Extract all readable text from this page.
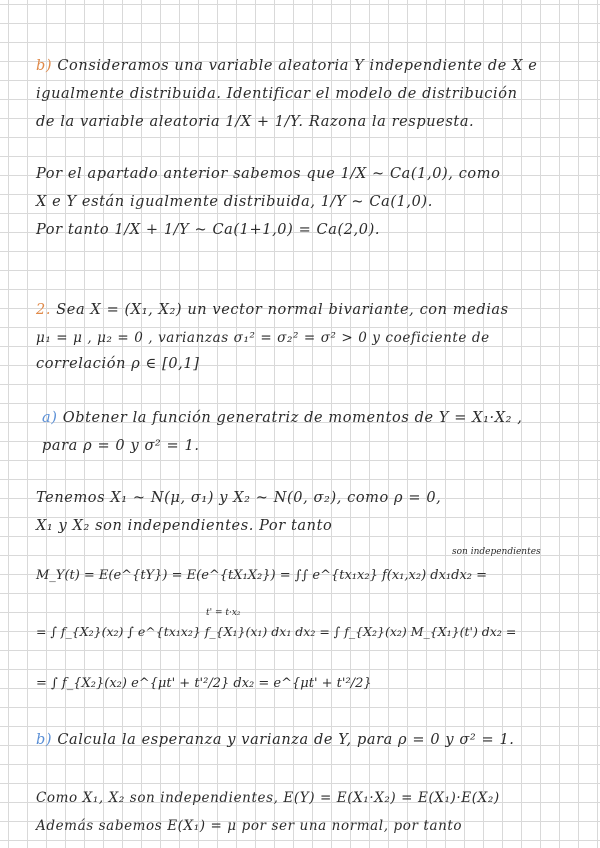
b) Consideramos una variable aleatoria Y independiente de X e
igualmente distribuida. Identificar el modelo de distribución
de la variable aleatoria 1/X + 1/Y. Razona la respuesta.
Por el apartado anterior sabemos que 1/X ~ Ca(1,0), como
X e Y están igualmente distribuida, 1/Y ~ Ca(1,0).
Por tanto 1/X + 1/Y ~ Ca(1+1,0) = Ca(2,0).
2. Sea X = (X₁, X₂) un vector normal bivariante, con medias
μ₁ = μ , μ₂ = 0 , varianzas σ₁² = σ₂² = σ² > 0 y coeficiente de
correlación ρ ∈ [0,1]
a) Obtener la función generatriz de momentos de Y = X₁·X₂ ,
para ρ = 0 y σ² = 1.
Tenemos X₁ ~ N(μ, σ₁) y X₂ ~ N(0, σ₂), como ρ = 0,
X₁ y X₂ son independientes. Por tanto
son independientes
M_Y(t) = E(e^{tY}) = E(e^{tX₁X₂}) = ∫∫ e^{tx₁x₂} f(x₁,x₂) dx₁dx₂ =
t' = t·x₂
= ∫ f_{X₂}(x₂) ∫ e^{tx₁x₂} f_{X₁}(x₁) dx₁ dx₂ = ∫ f_{X₂}(x₂) M_{X₁}(t') dx₂ =
= ∫ f_{X₂}(x₂) e^{μt' + t'²/2} dx₂ = e^{μt' + t'²/2}
b) Calcula la esperanza y varianza de Y, para ρ = 0 y σ² = 1.
Como X₁, X₂ son independientes, E(Y) = E(X₁·X₂) = E(X₁)·E(X₂)
Además sabemos E(X₁) = μ por ser una normal, por tanto
